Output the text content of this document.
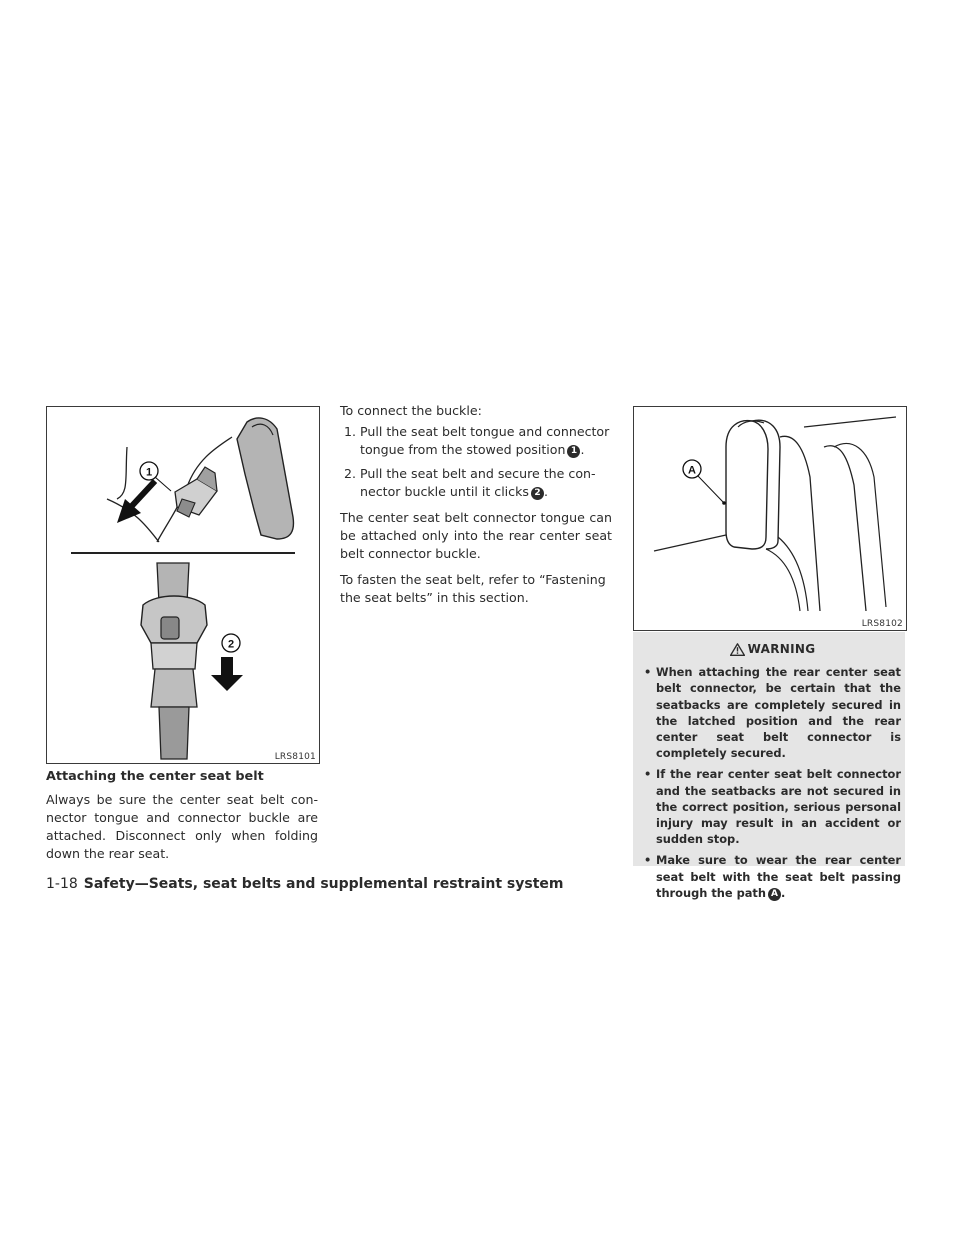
1
2
LRS8101
Attaching the center seat belt

Always be sure the center seat belt con-nector tongue and connector buckle are attached. Disconnect only when folding down the rear seat.

To connect the buckle:

1. Pull the seat belt tongue and connector tongue from the stowed position 1 .
2. Pull the seat belt and secure the con-nector buckle until it clicks 2 .

The center seat belt connector tongue can be attached only into the rear center seat belt connector buckle.

To fasten the seat belt, refer to “Fastening the seat belts” in this section.

A
LRS8102
WARNING
• When attaching the rear center seat belt connector, be certain that the seatbacks are completely secured in the latched position and the rear center seat belt connector is completely secured.
• If the rear center seat belt connector and the seatbacks are not secured in the correct position, serious personal injury may result in an accident or sudden stop.
• Make sure to wear the rear center seat belt with the seat belt passing through the path A .
1-18 Safety—Seats, seat belts and supplemental restraint system
